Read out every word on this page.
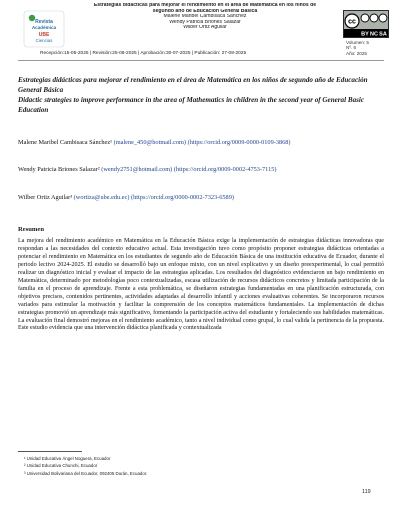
Revista
Académica
UBE
Ciencias
Estrategias didácticas para mejorar el rendimiento en el área de Matemática en los niños de
segundo año de Educación General Básica
Malene Maribel Cambisaca Sánchez
Wendy Patricia Briones Salazar
Wilber Ortiz Aguilar
cc
BY NC SA
Volumen: 5
Nº. 6
Año: 2025
Recepción:15-05-2025 | Revisión:25-06-2025 | Aprobación:30-07-2025 | Publicación: 27-08-2025
Estrategias didácticas para mejorar el rendimiento en el área de Matemática en los niños de segundo año de Educación General Básica
Didactic strategies to improve performance in the area of Mathematics in children in the second year of General Basic Education
Malene Maribel Cambisaca Sánchez¹ (malene_450@hotmail.com) (https://orcid.org/0009-0000-0109-3868)
Wendy Patricia Briones Salazar² (wendy2751@hotmail.com) (https://orcid.org/0009-0002-4753-7115)
Wilber Ortiz Aguilar³ (wortiza@ube.edu.ec) (https://orcid.org/0000-0002-7323-6589)
Resumen
La mejora del rendimiento académico en Matemática en la Educación Básica exige la implementación de estrategias didácticas innovadoras que respondan a las necesidades del contexto educativo actual. Esta investigación tuvo como propósito proponer estrategias didácticas orientadas a potenciar el rendimiento en Matemática en los estudiantes de segundo año de Educación Básica de una institución educativa de Ecuador, durante el periodo lectivo 2024-2025. El estudio se desarrolló bajo un enfoque mixto, con un nivel explicativo y un diseño preexperimental, lo cual permitió realizar un diagnóstico inicial y evaluar el impacto de las estrategias aplicadas. Los resultados del diagnóstico evidenciaron un bajo rendimiento en Matemática, determinado por metodologías poco contextualizadas, escasa utilización de recursos didácticos concretos y limitada participación de la familia en el proceso de aprendizaje. Frente a esta problemática, se diseñaron estrategias fundamentadas en una planificación estructurada, con objetivos precisos, contenidos pertinentes, actividades adaptadas al desarrollo infantil y acciones evaluativas coherentes. Se incorporaron recursos variados para estimular la motivación y facilitar la comprensión de los conceptos matemáticos fundamentales. La implementación de dichas estrategias promovió un aprendizaje más significativo, fomentando la participación activa del estudiante y fortaleciendo sus habilidades matemáticas. La evaluación final demostró mejoras en el rendimiento académico, tanto a nivel individual como grupal, lo cual valida la pertinencia de la propuesta. Este estudio evidencia que una intervención didáctica planificada y contextualizada
¹ Unidad Educativa Ángel Noguera, Ecuador
² Unidad Educativa Chunchi, Ecuador
³ Universidad Bolivariana del Ecuador, 092405 Durán, Ecuador.
119
